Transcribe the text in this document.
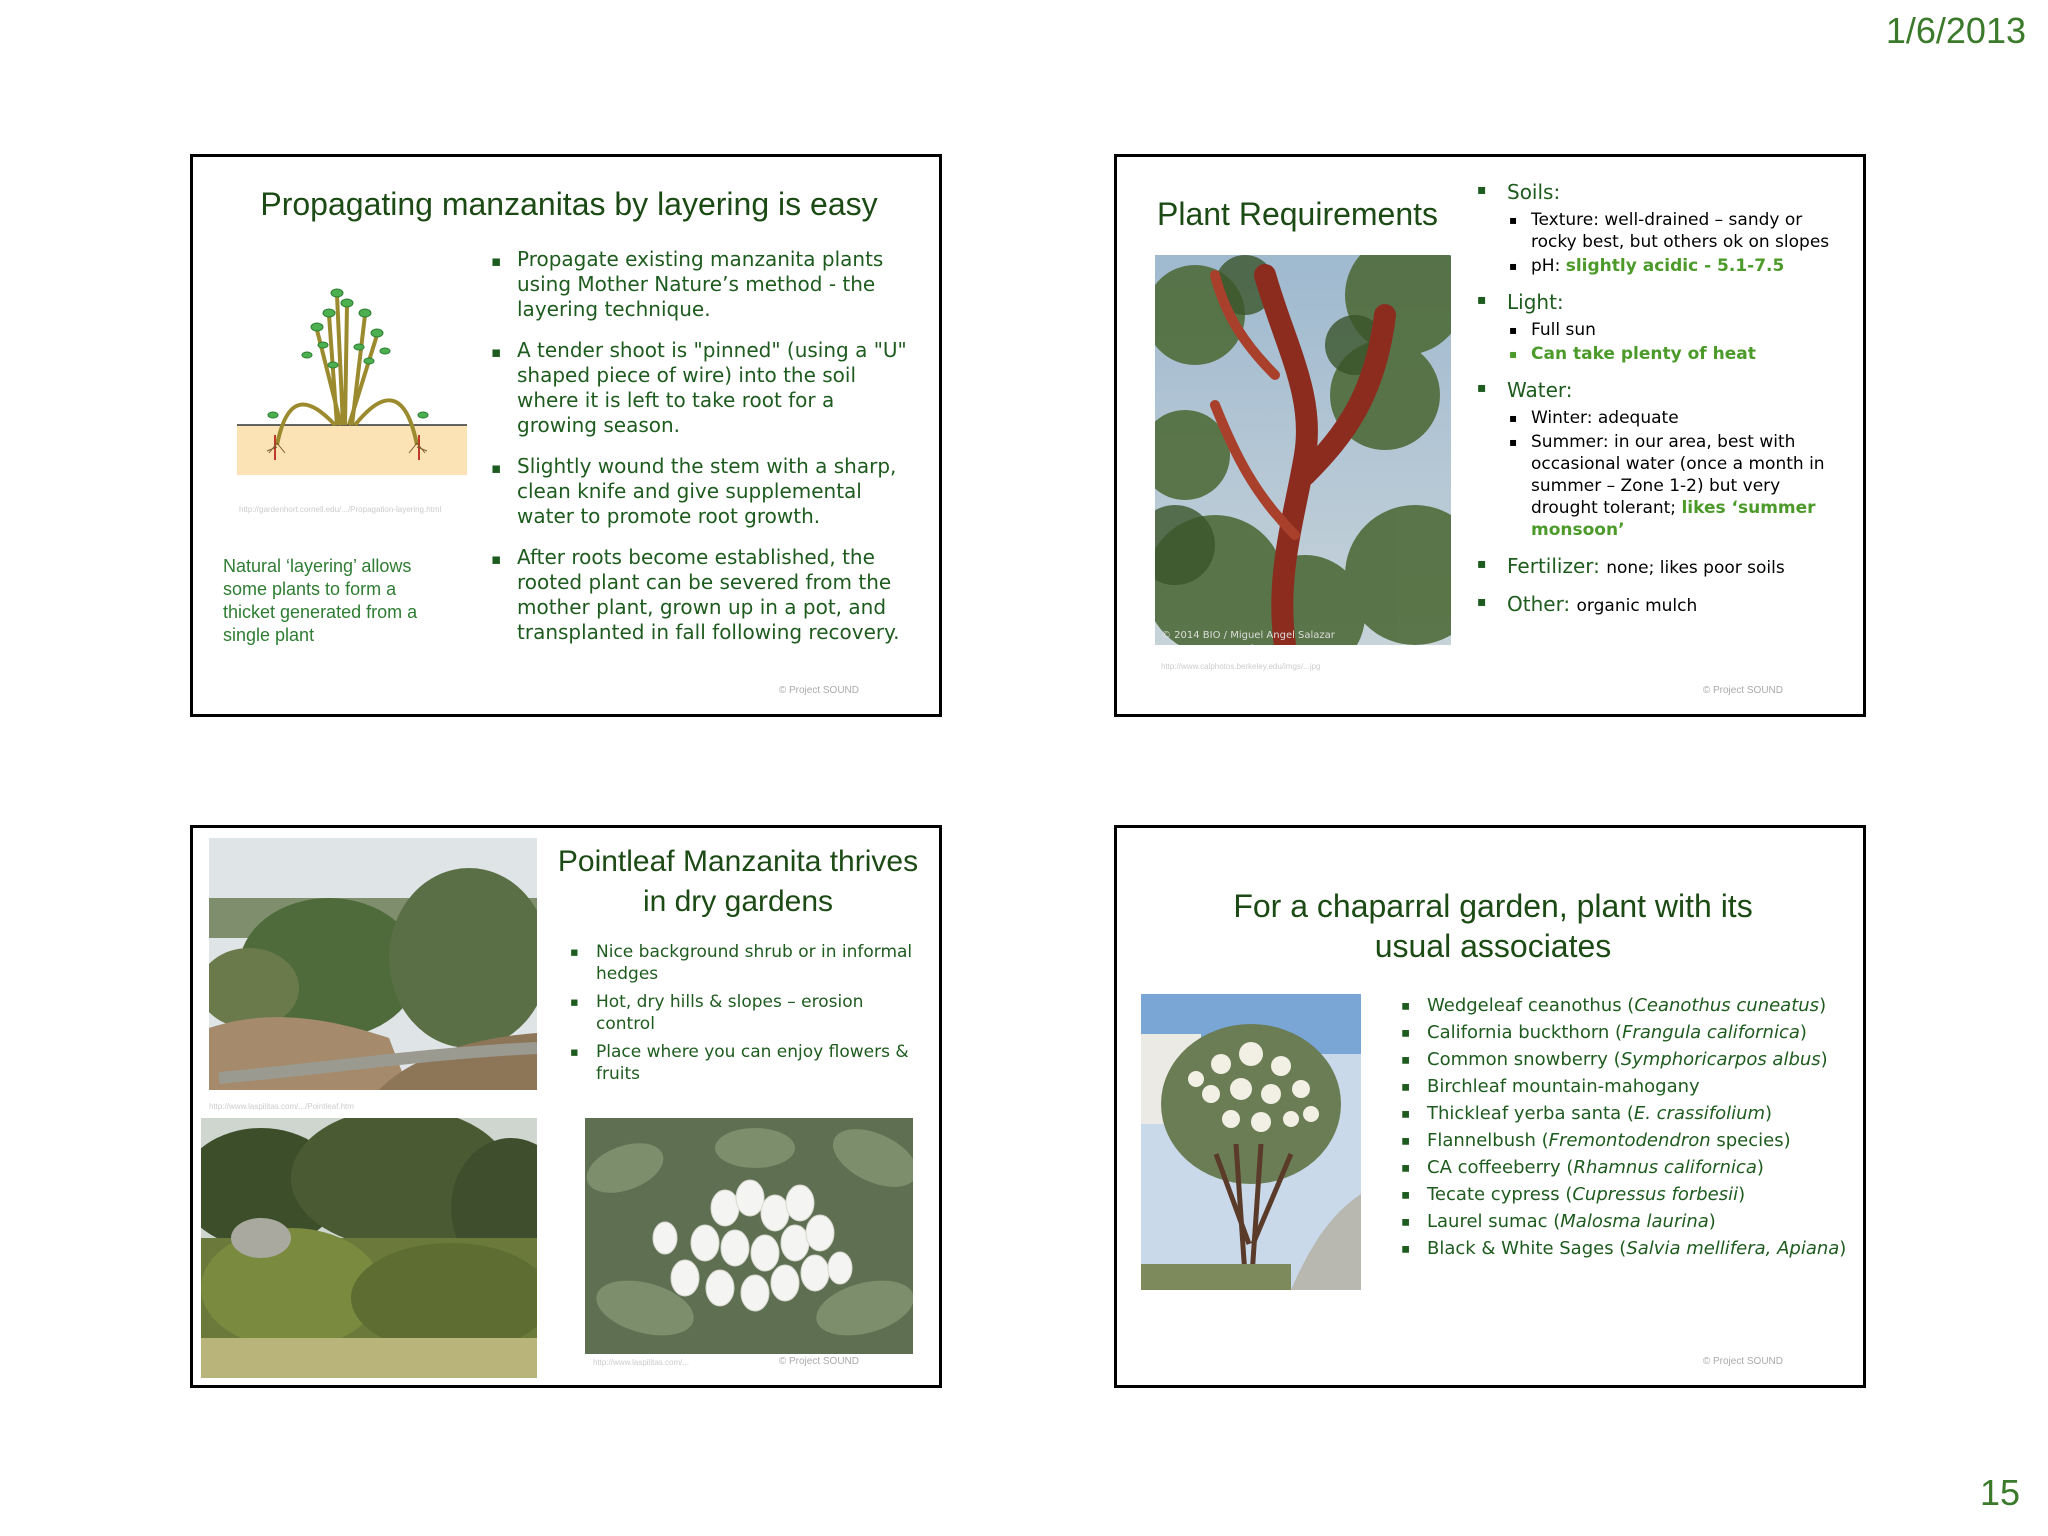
1/6/2013
Propagating manzanitas by layering is easy
http://gardenhort.cornell.edu/.../Propagation-layering.html
Natural ‘layering’ allows some plants to form a thicket generated from a single plant
▪ Propagate existing manzanita plants using Mother Nature’s method - the layering technique.
▪ A tender shoot is "pinned" (using a "U" shaped piece of wire) into the soil where it is left to take root for a growing season.
▪ Slightly wound the stem with a sharp, clean knife and give supplemental water to promote root growth.
▪ After roots become established, the rooted plant can be severed from the mother plant, grown up in a pot, and transplanted in fall following recovery.
© Project SOUND
Plant Requirements
© 2014 BIO / Miguel Angel Salazar
http://www.calphotos.berkeley.edu/imgs/...jpg
▪ Soils:
▪ Texture: well-drained – sandy or rocky best, but others ok on slopes
▪ pH: slightly acidic - 5.1-7.5
▪ Light:
▪ Full sun
▪ Can take plenty of heat
▪ Water:
▪ Winter: adequate
▪ Summer: in our area, best with occasional water (once a month in summer – Zone 1-2) but very drought tolerant; likes ‘summer monsoon’
▪ Fertilizer: none; likes poor soils
▪ Other: organic mulch
© Project SOUND
http://www.laspilitas.com/.../Pointleaf.htm
Pointleaf Manzanita thrives
in dry gardens
▪ Nice background shrub or in informal hedges
▪ Hot, dry hills & slopes – erosion control
▪ Place where you can enjoy flowers & fruits
http://www.laspilitas.com/...	© Project SOUND
For a chaparral garden, plant with its
usual associates
▪ Wedgeleaf ceanothus (Ceanothus cuneatus)
▪ California buckthorn (Frangula californica)
▪ Common snowberry (Symphoricarpos albus)
▪ Birchleaf mountain-mahogany
▪ Thickleaf yerba santa (E. crassifolium)
▪ Flannelbush (Fremontodendron species)
▪ CA coffeeberry (Rhamnus californica)
▪ Tecate cypress (Cupressus forbesii)
▪ Laurel sumac (Malosma laurina)
▪ Black & White Sages (Salvia mellifera, Apiana)
© Project SOUND
15
